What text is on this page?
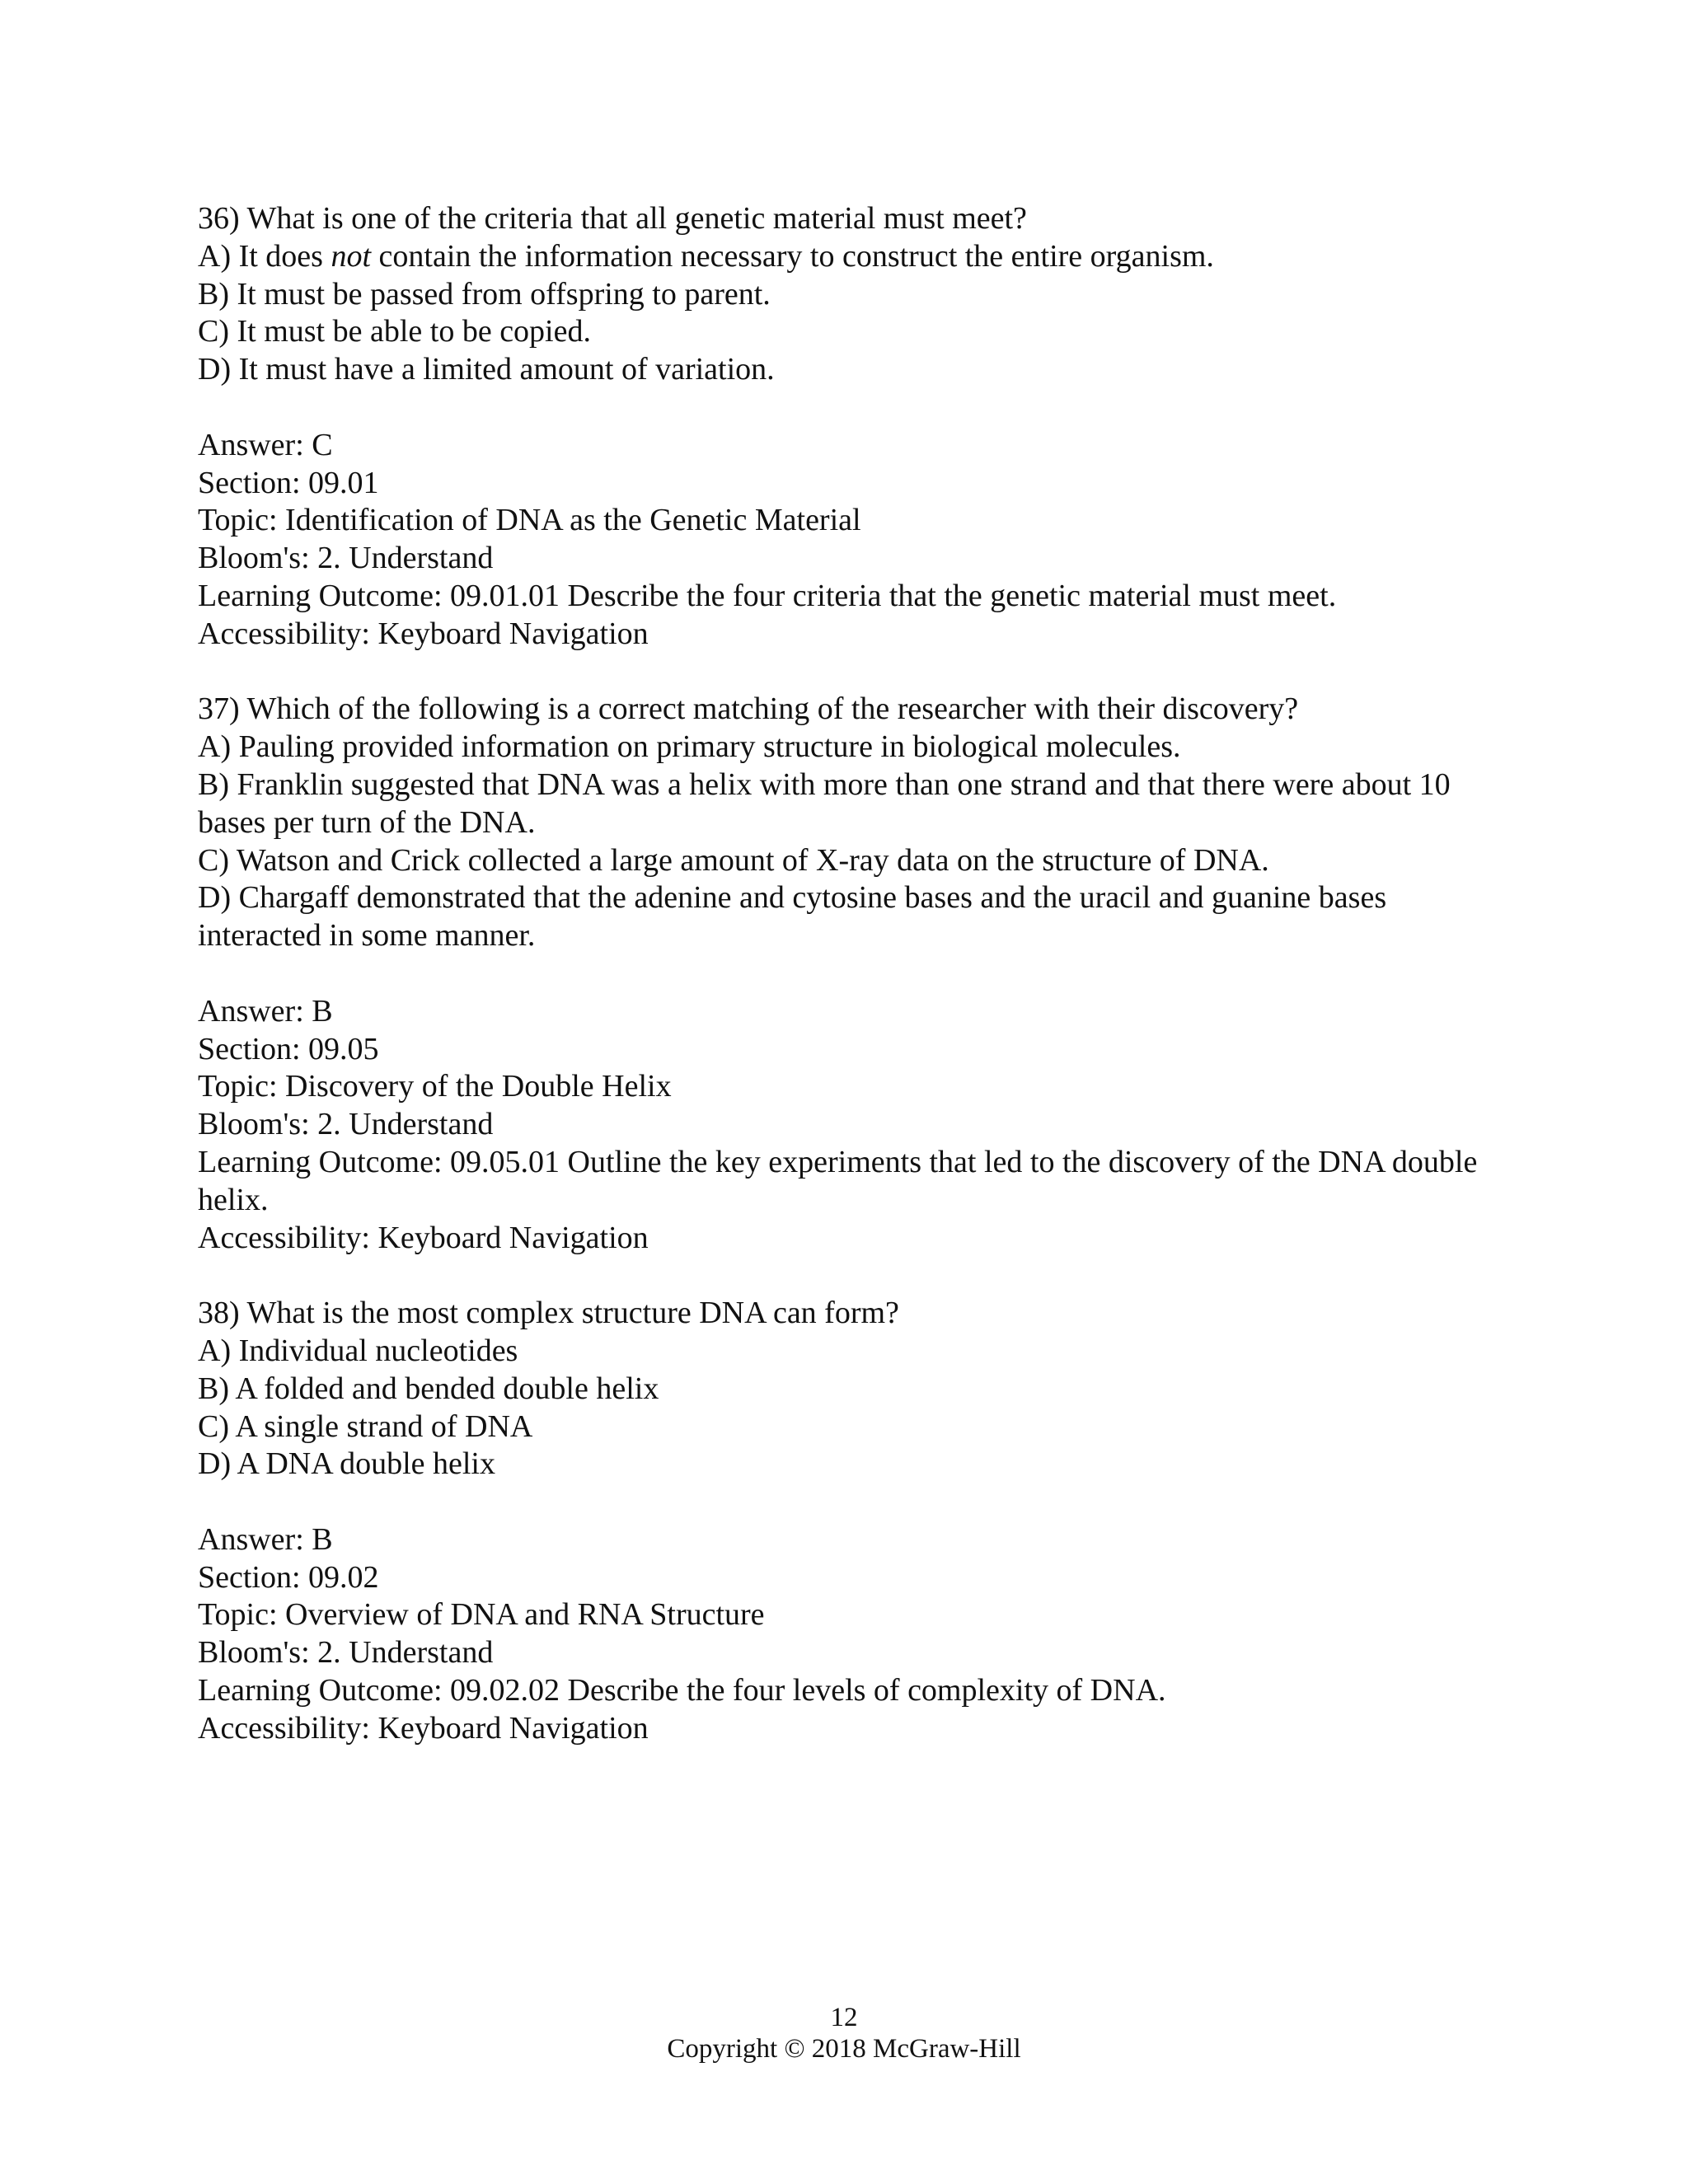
36) What is one of the criteria that all genetic material must meet?
A) It does not contain the information necessary to construct the entire organism.
B) It must be passed from offspring to parent.
C) It must be able to be copied.
D) It must have a limited amount of variation.
Answer: C
Section: 09.01
Topic: Identification of DNA as the Genetic Material
Bloom's: 2. Understand
Learning Outcome: 09.01.01 Describe the four criteria that the genetic material must meet.
Accessibility: Keyboard Navigation
37) Which of the following is a correct matching of the researcher with their discovery?
A) Pauling provided information on primary structure in biological molecules.
B) Franklin suggested that DNA was a helix with more than one strand and that there were about 10 bases per turn of the DNA.
C) Watson and Crick collected a large amount of X-ray data on the structure of DNA.
D) Chargaff demonstrated that the adenine and cytosine bases and the uracil and guanine bases interacted in some manner.
Answer: B
Section: 09.05
Topic: Discovery of the Double Helix
Bloom's: 2. Understand
Learning Outcome: 09.05.01 Outline the key experiments that led to the discovery of the DNA double helix.
Accessibility: Keyboard Navigation
38) What is the most complex structure DNA can form?
A) Individual nucleotides
B) A folded and bended double helix
C) A single strand of DNA
D) A DNA double helix
Answer: B
Section: 09.02
Topic: Overview of DNA and RNA Structure
Bloom's: 2. Understand
Learning Outcome: 09.02.02 Describe the four levels of complexity of DNA.
Accessibility: Keyboard Navigation
12
Copyright © 2018 McGraw-Hill
